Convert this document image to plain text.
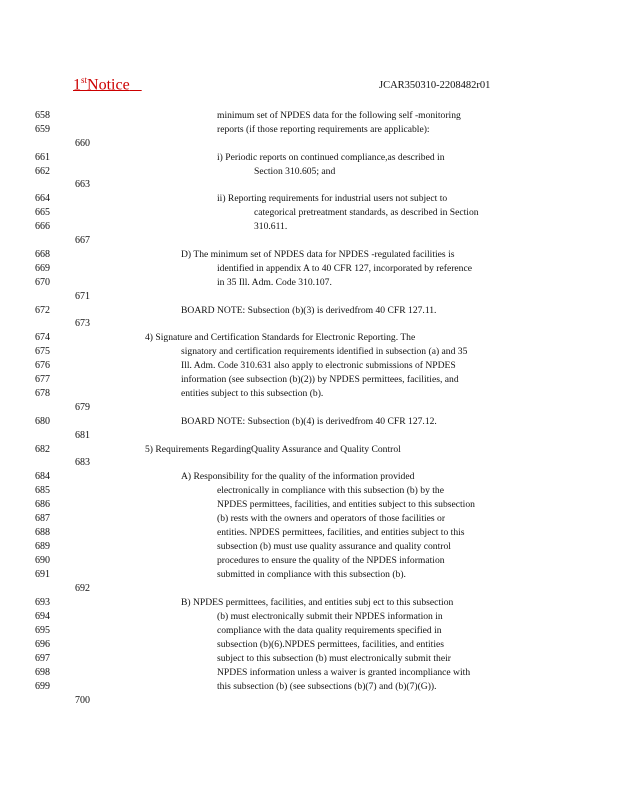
1stNotice	JCAR350310-2208482r01
658	minimum set of NPDES data for the following self -monitoring
659	reports (if those reporting requirements are applicable):
660
661	i) Periodic reports on continued compliance,as described in
662	Section 310.605; and
663
664	ii) Reporting requirements for industrial users not subject to
665	categorical pretreatment standards, as described in Section
666	310.611.
667
668	D) The minimum set of NPDES data for NPDES -regulated facilities is
669	identified in appendix A to 40 CFR 127, incorporated by reference
670	in 35 Ill. Adm. Code 310.107.
671
672	BOARD NOTE: Subsection (b)(3) is derivedfrom 40 CFR 127.11.
673
674	4) Signature and Certification Standards for Electronic Reporting. The
675	signatory and certification requirements identified in subsection (a) and 35
676	Ill. Adm. Code 310.631 also apply to electronic submissions of NPDES
677	information (see subsection (b)(2)) by NPDES permittees, facilities, and
678	entities subject to this subsection (b).
679
680	BOARD NOTE: Subsection (b)(4) is derivedfrom 40 CFR 127.12.
681
682	5) Requirements RegardingQuality Assurance and Quality Control
683
684	A) Responsibility for the quality of the information provided
685	electronically in compliance with this subsection (b) by the
686	NPDES permittees, facilities, and entities subject to this subsection
687	(b) rests with the owners and operators of those facilities or
688	entities. NPDES permittees, facilities, and entities subject to this
689	subsection (b) must use quality assurance and quality control
690	procedures to ensure the quality of the NPDES information
691	submitted in compliance with this subsection (b).
692
693	B) NPDES permittees, facilities, and entities subj ect to this subsection
694	(b) must electronically submit their NPDES information in
695	compliance with the data quality requirements specified in
696	subsection (b)(6).NPDES permittees, facilities, and entities
697	subject to this subsection (b) must electronically submit their
698	NPDES information unless a waiver is granted incompliance with
699	this subsection (b) (see subsections (b)(7) and (b)(7)(G)).
700
